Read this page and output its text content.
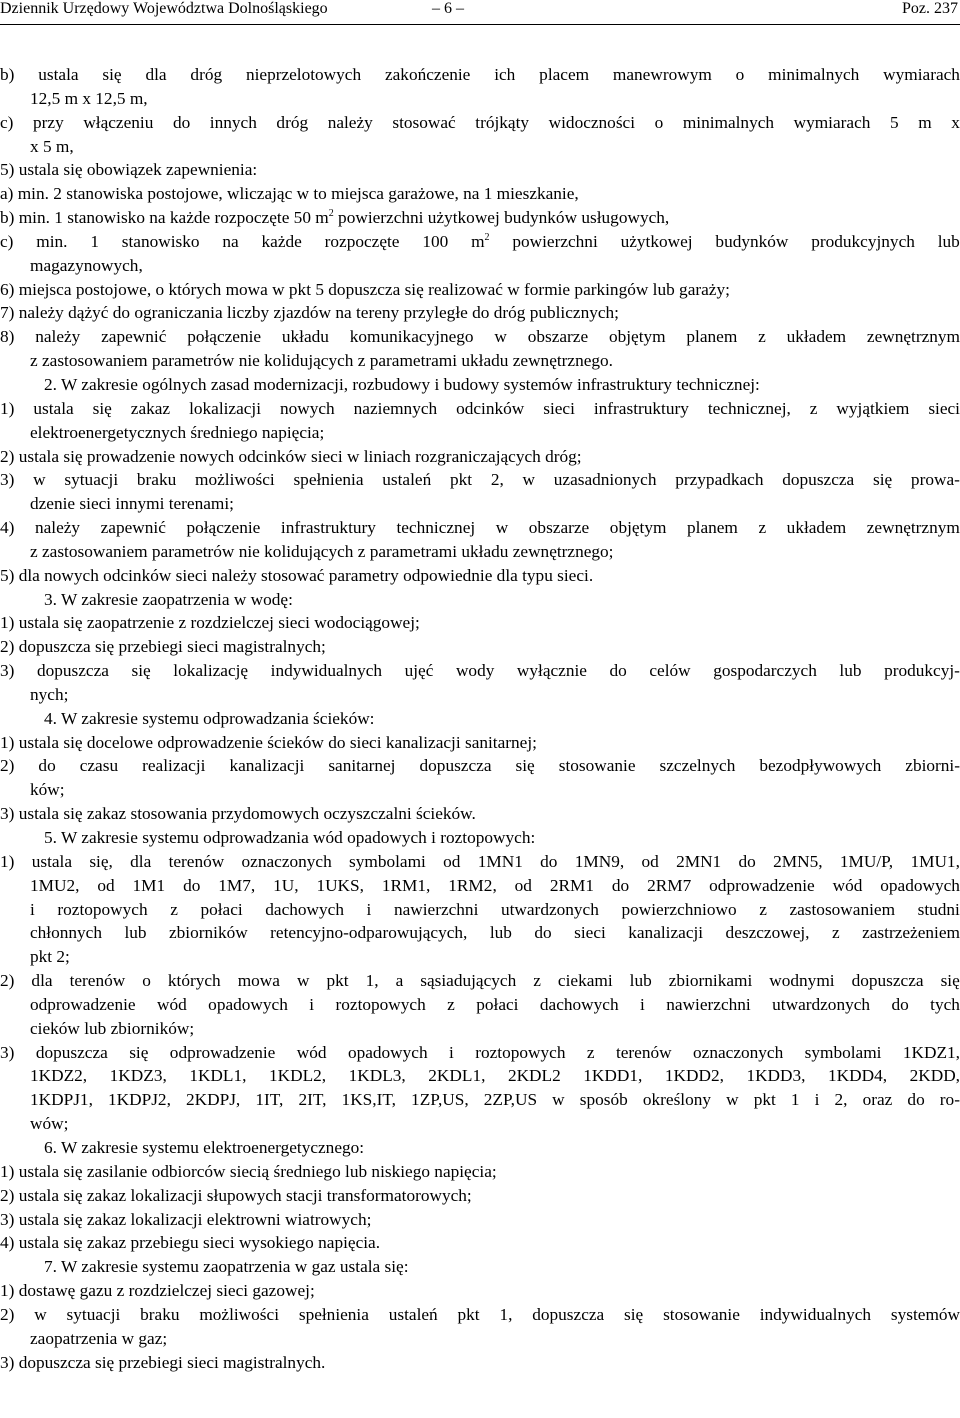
Dziennik Urzędowy Województwa Dolnośląskiego	– 6 –	Poz. 237
b) ustala się dla dróg nieprzelotowych zakończenie ich placem manewrowym o minimalnych wymiarach
12,5 m x 12,5 m,
c) przy włączeniu do innych dróg należy stosować trójkąty widoczności o minimalnych wymiarach 5 m x
x 5 m,
5) ustala się obowiązek zapewnienia:
a) min. 2 stanowiska postojowe, wliczając w to miejsca garażowe, na 1 mieszkanie,
b) min. 1 stanowisko na każde rozpoczęte 50 $m^2$ powierzchni użytkowej budynków usługowych,
c) min. 1 stanowisko na każde rozpoczęte 100 $m^2$ powierzchni użytkowej budynków produkcyjnych lub
magazynowych,
6) miejsca postojowe, o których mowa w pkt 5 dopuszcza się realizować w formie parkingów lub garaży;
7) należy dążyć do ograniczania liczby zjazdów na tereny przyległe do dróg publicznych;
8) należy zapewnić połączenie układu komunikacyjnego w obszarze objętym planem z układem zewnętrznym
z zastosowaniem parametrów nie kolidujących z parametrami układu zewnętrznego.
2. W zakresie ogólnych zasad modernizacji, rozbudowy i budowy systemów infrastruktury technicznej:
1) ustala się zakaz lokalizacji nowych naziemnych odcinków sieci infrastruktury technicznej, z wyjątkiem sieci
elektroenergetycznych średniego napięcia;
2) ustala się prowadzenie nowych odcinków sieci w liniach rozgraniczających dróg;
3) w sytuacji braku możliwości spełnienia ustaleń pkt 2, w uzasadnionych przypadkach dopuszcza się prowa-
dzenie sieci innymi terenami;
4) należy zapewnić połączenie infrastruktury technicznej w obszarze objętym planem z układem zewnętrznym
z zastosowaniem parametrów nie kolidujących z parametrami układu zewnętrznego;
5) dla nowych odcinków sieci należy stosować parametry odpowiednie dla typu sieci.
3. W zakresie zaopatrzenia w wodę:
1) ustala się zaopatrzenie z rozdzielczej sieci wodociągowej;
2) dopuszcza się przebiegi sieci magistralnych;
3) dopuszcza się lokalizację indywidualnych ujęć wody wyłącznie do celów gospodarczych lub produkcyj-
nych;
4. W zakresie systemu odprowadzania ścieków:
1) ustala się docelowe odprowadzenie ścieków do sieci kanalizacji sanitarnej;
2) do czasu realizacji kanalizacji sanitarnej dopuszcza się stosowanie szczelnych bezodpływowych zbiorni-
ków;
3) ustala się zakaz stosowania przydomowych oczyszczalni ścieków.
5. W zakresie systemu odprowadzania wód opadowych i roztopowych:
1) ustala się, dla terenów oznaczonych symbolami od 1MN1 do 1MN9, od 2MN1 do 2MN5, 1MU/P, 1MU1,
1MU2, od 1M1 do 1M7, 1U, 1UKS, 1RM1, 1RM2, od 2RM1 do 2RM7 odprowadzenie wód opadowych
i roztopowych z połaci dachowych i nawierzchni utwardzonych powierzchniowo z zastosowaniem studni
chłonnych lub zbiorników retencyjno-odparowujących, lub do sieci kanalizacji deszczowej, z zastrzeżeniem
pkt 2;
2) dla terenów o których mowa w pkt 1, a sąsiadujących z ciekami lub zbiornikami wodnymi dopuszcza się
odprowadzenie wód opadowych i roztopowych z połaci dachowych i nawierzchni utwardzonych do tych
cieków lub zbiorników;
3) dopuszcza się odprowadzenie wód opadowych i roztopowych z terenów oznaczonych symbolami 1KDZ1,
1KDZ2, 1KDZ3, 1KDL1, 1KDL2, 1KDL3, 2KDL1, 2KDL2 1KDD1, 1KDD2, 1KDD3, 1KDD4, 2KDD,
1KDPJ1, 1KDPJ2, 2KDPJ, 1IT, 2IT, 1KS,IT, 1ZP,US, 2ZP,US w sposób określony w pkt 1 i 2, oraz do ro-
wów;
6. W zakresie systemu elektroenergetycznego:
1) ustala się zasilanie odbiorców siecią średniego lub niskiego napięcia;
2) ustala się zakaz lokalizacji słupowych stacji transformatorowych;
3) ustala się zakaz lokalizacji elektrowni wiatrowych;
4) ustala się zakaz przebiegu sieci wysokiego napięcia.
7. W zakresie systemu zaopatrzenia w gaz ustala się:
1) dostawę gazu z rozdzielczej sieci gazowej;
2) w sytuacji braku możliwości spełnienia ustaleń pkt 1, dopuszcza się stosowanie indywidualnych systemów
zaopatrzenia w gaz;
3) dopuszcza się przebiegi sieci magistralnych.
